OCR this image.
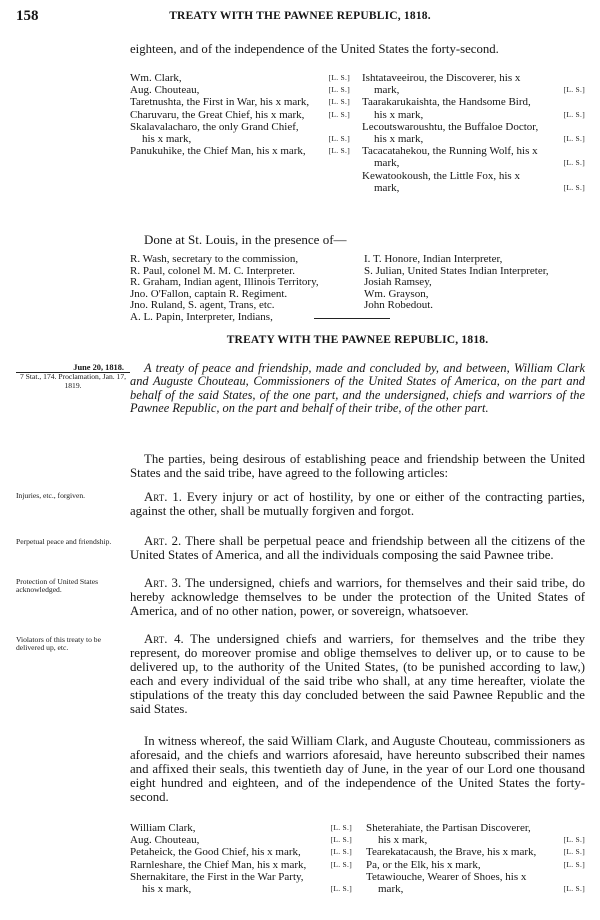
158	TREATY WITH THE PAWNEE REPUBLIC, 1818.
eighteen, and of the independence of the United States the forty-second.
Wm. Clark,	[L. S.]
Aug. Chouteau,	[L. S.]
Taretnushta, the First in War, his x mark,	[L. S.]
Charuvaru, the Great Chief, his x mark,	[L. S.]
Skalavalacharo, the only Grand Chief, his x mark,	[L. S.]
Panukuhike, the Chief Man, his x mark,	[L. S.]
Ishtataveeirou, the Discoverer, his x mark,	[L. S.]
Taarakarukaishta, the Handsome Bird, his x mark,	[L. S.]
Lecoutswaroushtu, the Buffaloe Doctor, his x mark,	[L. S.]
Tacacatahekou, the Running Wolf, his x mark,	[L. S.]
Kewatookoush, the Little Fox, his x mark,	[L. S.]
Done at St. Louis, in the presence of—
R. Wash, secretary to the commission,
R. Paul, colonel M. M. C. Interpreter.
R. Graham, Indian agent, Illinois Territory,
Jno. O'Fallon, captain R. Regiment.
Jno. Ruland, S. agent, Trans, etc.
A. L. Papin, Interpreter, Indians,
I. T. Honore, Indian Interpreter,
S. Julian, United States Indian Interpreter,
Josiah Ramsey,
Wm. Grayson,
John Robedout.
TREATY WITH THE PAWNEE REPUBLIC, 1818.
June 20, 1818.
7 Stat., 174. Proclamation, Jan. 17, 1819.
Injuries, etc., forgiven.
Perpetual peace and friendship.
Protection of United States acknowledged.
Violators of this treaty to be delivered up, etc.
A treaty of peace and friendship, made and concluded by, and between, William Clark and Auguste Chouteau, Commissioners of the United States of America, on the part and behalf of the said States, of the one part, and the undersigned, chiefs and warriors of the Pawnee Republic, on the part and behalf of their tribe, of the other part.
The parties, being desirous of establishing peace and friendship between the United States and the said tribe, have agreed to the following articles:
Art. 1. Every injury or act of hostility, by one or either of the contracting parties, against the other, shall be mutually forgiven and forgot.
Art. 2. There shall be perpetual peace and friendship between all the citizens of the United States of America, and all the individuals composing the said Pawnee tribe.
Art. 3. The undersigned, chiefs and warriors, for themselves and their said tribe, do hereby acknowledge themselves to be under the protection of the United States of America, and of no other nation, power, or sovereign, whatsoever.
Art. 4. The undersigned chiefs and warriers, for themselves and the tribe they represent, do moreover promise and oblige themselves to deliver up, or to cause to be delivered up, to the authority of the United States, (to be punished according to law,) each and every individual of the said tribe who shall, at any time hereafter, violate the stipulations of the treaty this day concluded between the said Pawnee Republic and the said States.
In witness whereof, the said William Clark, and Auguste Chouteau, commissioners as aforesaid, and the chiefs and warriors aforesaid, have hereunto subscribed their names and affixed their seals, this twentieth day of June, in the year of our Lord one thousand eight hundred and eighteen, and of the independence of the United States the forty-second.
William Clark,	[L. S.]
Aug. Chouteau,	[L. S.]
Petaheick, the Good Chief, his x mark,	[L. S.]
Rarnleshare, the Chief Man, his x mark,	[L. S.]
Shernakitare, the First in the War Party, his x mark,	[L. S.]
Sheterahiate, the Partisan Discoverer, his x mark,	[L. S.]
Tearekatacaush, the Brave, his x mark,	[L. S.]
Pa, or the Elk, his x mark,	[L. S.]
Tetawiouche, Wearer of Shoes, his x mark,	[L. S.]
